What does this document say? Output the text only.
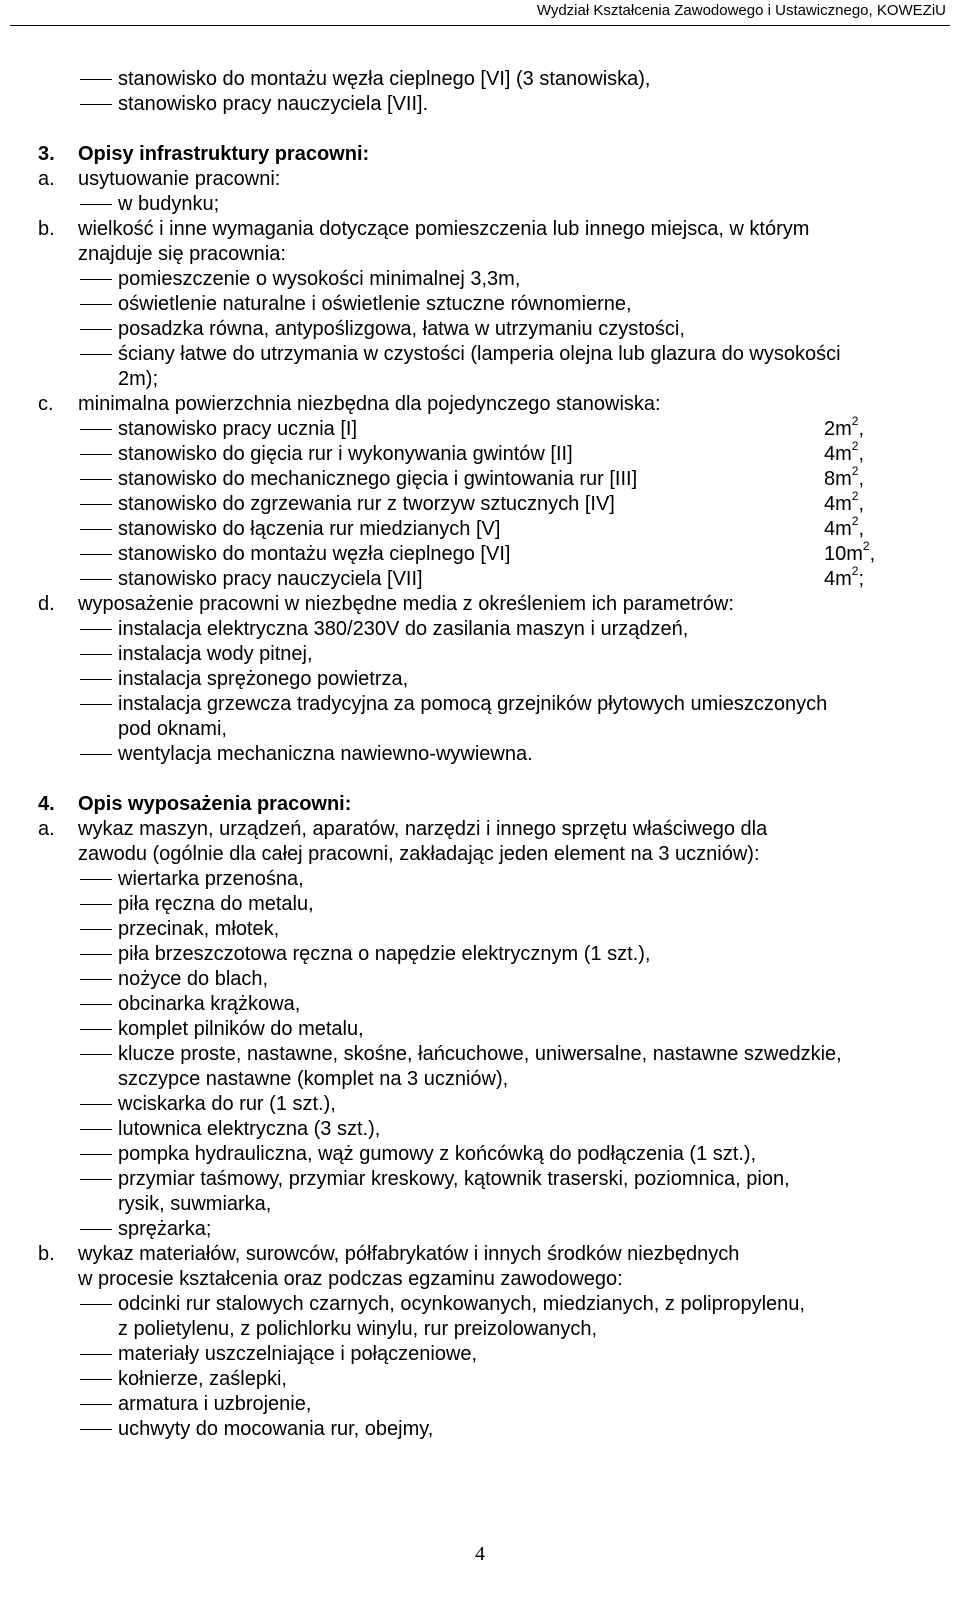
Wydział Kształcenia Zawodowego i Ustawicznego, KOWEZiU
stanowisko do montażu węzła cieplnego [VI] (3 stanowiska),
stanowisko pracy nauczyciela [VII].
3. Opisy infrastruktury pracowni:
a. usytuowanie pracowni:
w budynku;
b. wielkość i inne wymagania dotyczące pomieszczenia lub innego miejsca, w którym
znajduje się pracownia:
pomieszczenie o wysokości minimalnej 3,3m,
oświetlenie naturalne i oświetlenie sztuczne równomierne,
posadzka równa, antypoślizgowa, łatwa w utrzymaniu czystości,
ściany łatwe do utrzymania w czystości (lamperia olejna lub glazura do wysokości
2m);
c. minimalna powierzchnia niezbędna dla pojedynczego stanowiska:
stanowisko pracy ucznia [I]	$2m^2$,
stanowisko do gięcia rur i wykonywania gwintów [II]	$4m^2$,
stanowisko do mechanicznego gięcia i gwintowania rur [III]	$8m^2$,
stanowisko do zgrzewania rur z tworzyw sztucznych [IV]	$4m^2$,
stanowisko do łączenia rur miedzianych [V]	$4m^2$,
stanowisko do montażu węzła cieplnego [VI]	$10m^2$,
stanowisko pracy nauczyciela [VII]	$4m^2$;
d. wyposażenie pracowni w niezbędne media z określeniem ich parametrów:
instalacja elektryczna 380/230V do zasilania maszyn i urządzeń,
instalacja wody pitnej,
instalacja sprężonego powietrza,
instalacja grzewcza tradycyjna za pomocą grzejników płytowych umieszczonych
pod oknami,
wentylacja mechaniczna nawiewno-wywiewna.
4. Opis wyposażenia pracowni:
a. wykaz maszyn, urządzeń, aparatów, narzędzi i innego sprzętu właściwego dla
zawodu (ogólnie dla całej pracowni, zakładając jeden element na 3 uczniów):
wiertarka przenośna,
piła ręczna do metalu,
przecinak, młotek,
piła brzeszczotowa ręczna o napędzie elektrycznym (1 szt.),
nożyce do blach,
obcinarka krążkowa,
komplet pilników do metalu,
klucze proste, nastawne, skośne, łańcuchowe, uniwersalne, nastawne szwedzkie,
szczypce nastawne (komplet na 3 uczniów),
wciskarka do rur (1 szt.),
lutownica elektryczna (3 szt.),
pompka hydrauliczna, wąż gumowy z końcówką do podłączenia (1 szt.),
przymiar taśmowy, przymiar kreskowy, kątownik traserski, poziomnica, pion,
rysik, suwmiarka,
sprężarka;
b. wykaz materiałów, surowców, półfabrykatów i innych środków niezbędnych
w procesie kształcenia oraz podczas egzaminu zawodowego:
odcinki rur stalowych czarnych, ocynkowanych, miedzianych, z polipropylenu,
z polietylenu, z polichlorku winylu, rur preizolowanych,
materiały uszczelniające i połączeniowe,
kołnierze, zaślepki,
armatura i uzbrojenie,
uchwyty do mocowania rur, obejmy,
4
